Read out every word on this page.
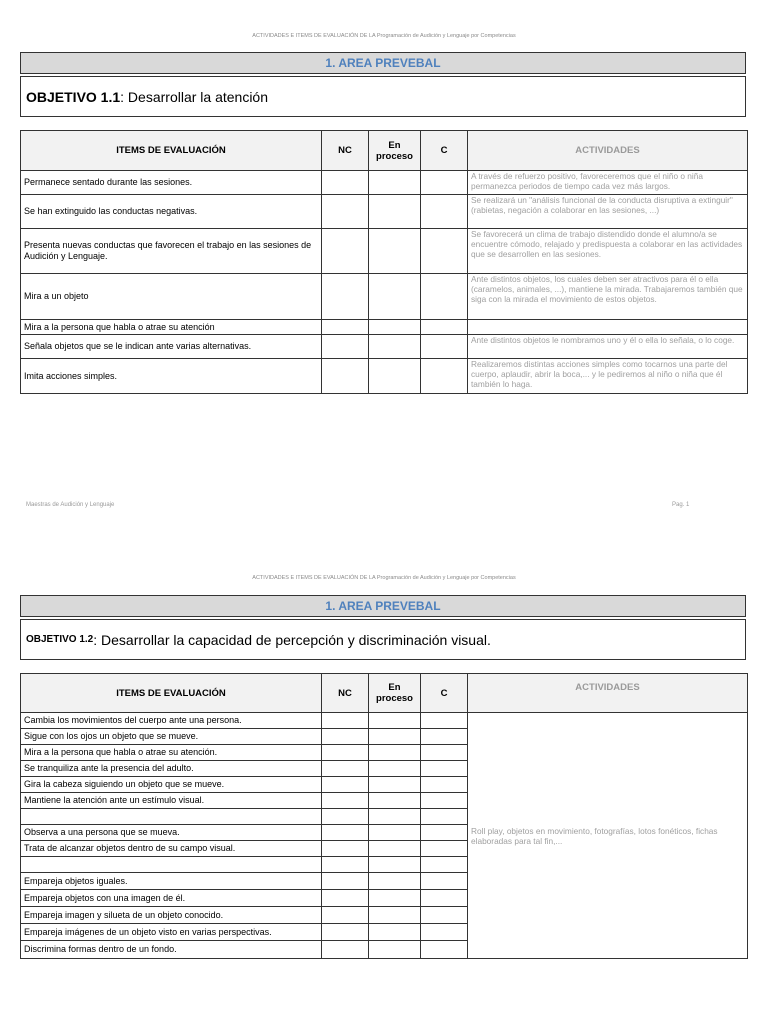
ACTIVIDADES E ITEMS DE EVALUACIÓN DE LA Programación de Audición y Lenguaje por Competencias
1. AREA PREVEBAL
OBJETIVO 1.1 : Desarrollar la atención
ITEMS DE EVALUACIÓN	NC	En proceso	C	ACTIVIDADES
Permanece sentado durante las sesiones.				A través de refuerzo positivo, favoreceremos que el niño o niña permanezca periodos de tiempo cada vez más largos.
Se han extinguido las conductas negativas.				Se realizará un "análisis funcional de la conducta disruptiva a extinguir" (rabietas, negación a colaborar en las sesiones, ...)
Presenta nuevas conductas que favorecen el trabajo en las sesiones de Audición y Lenguaje.				Se favorecerá un clima de trabajo distendido donde el alumno/a se encuentre cómodo, relajado y predispuesta a colaborar en las actividades que se desarrollen en las sesiones.
Mira a un objeto				Ante distintos objetos, los cuales deben ser atractivos para él o ella (caramelos, animales, ...), mantiene la mirada. Trabajaremos también que siga con la mirada el movimiento de estos objetos.
Mira a la persona que habla o atrae su atención				
Señala objetos que se le indican ante varias alternativas.				Ante distintos objetos le nombramos uno y él o ella lo señala, o lo coge.
Imita acciones simples.				Realizaremos distintas acciones simples como tocarnos una parte del cuerpo, aplaudir, abrir la boca,... y le pediremos al niño o niña que él también lo haga.
Maestras de Audición y Lenguaje	Pag. 1
ACTIVIDADES E ITEMS DE EVALUACIÓN DE LA Programación de Audición y Lenguaje por Competencias
1. AREA PREVEBAL
OBJETIVO 1.2 : Desarrollar la capacidad de percepción y discriminación visual.
ITEMS DE EVALUACIÓN	NC	En proceso	C	ACTIVIDADES
Cambia los movimientos del cuerpo ante una persona.				Roll play, objetos en movimiento, fotografías, lotos fonéticos, fichas elaboradas para tal fin,...
Sigue con los ojos un objeto que se mueve.				
Mira a la persona que habla o atrae su atención.				
Se tranquiliza ante la presencia del adulto.				
Gira la cabeza siguiendo un objeto que se mueve.				
Mantiene la atención ante un estímulo visual.				

Observa a una persona que se mueva.				
Trata de alcanzar objetos dentro de su campo visual.				

Empareja objetos iguales.				
Empareja objetos con una imagen de él.				
Empareja imagen y silueta de un objeto conocido.				
Empareja imágenes de un objeto visto en varias perspectivas.				
Discrimina formas dentro de un fondo.				
